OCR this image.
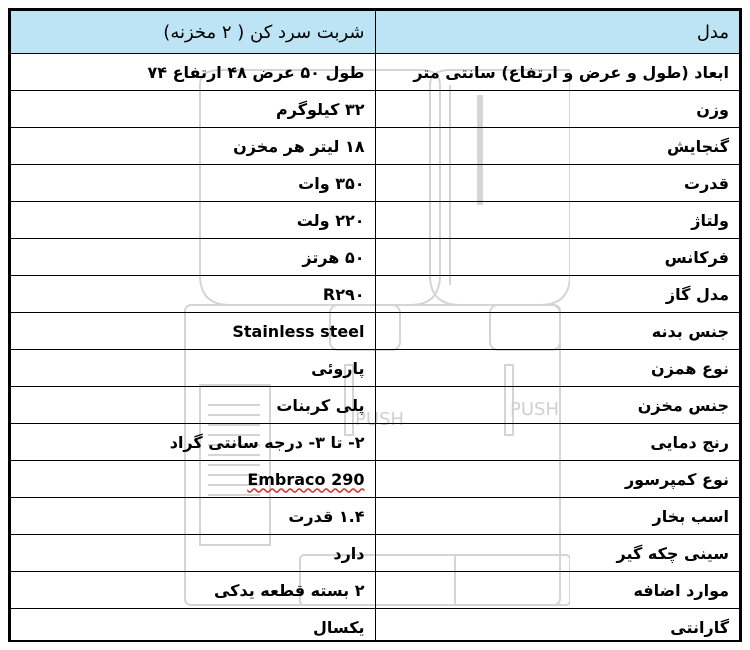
PUSH	PUSH
مدل	شربت سرد کن ( ۲ مخزنه)
ابعاد (طول و عرض و ارتفاع) سانتی متر	طول ۵۰ عرض ۴۸ ارتفاع ۷۴
وزن	۳۲ کیلوگرم
گنجایش	۱۸ لیتر هر مخزن
قدرت	۳۵۰ وات
ولتاژ	۲۲۰ ولت
فرکانس	۵۰ هرتز
مدل گاز	R۲۹۰
جنس بدنه	Stainless steel
نوع همزن	پاروئی
جنس مخزن	پلی کربنات
رنج دمایی	۲- تا ۳- درجه سانتی گراد
نوع کمپرسور	Embraco 290
اسب بخار	۱.۴ قدرت
سینی چکه گیر	دارد
موارد اضافه	۲ بسته قطعه یدکی
گارانتی	یکسال
